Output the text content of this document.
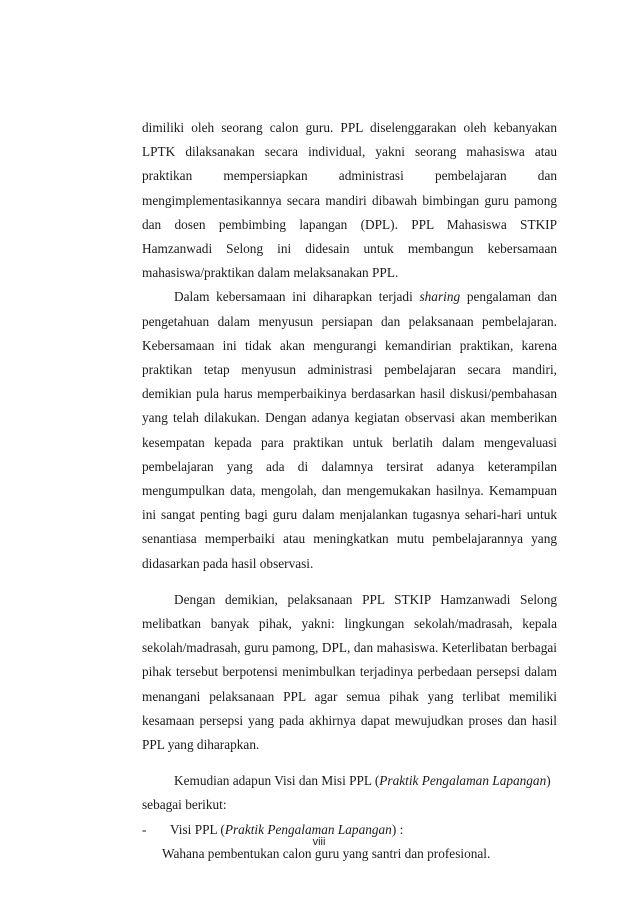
dimiliki oleh seorang calon guru. PPL diselenggarakan oleh kebanyakan
LPTK dilaksanakan secara individual, yakni seorang mahasiswa atau
praktikan mempersiapkan administrasi pembelajaran dan
mengimplementasikannya secara mandiri dibawah bimbingan guru pamong
dan dosen pembimbing lapangan (DPL). PPL Mahasiswa STKIP
Hamzanwadi Selong ini didesain untuk membangun kebersamaan
mahasiswa/praktikan dalam melaksanakan PPL.
Dalam kebersamaan ini diharapkan terjadi sharing pengalaman dan
pengetahuan dalam menyusun persiapan dan pelaksanaan pembelajaran.
Kebersamaan ini tidak akan mengurangi kemandirian praktikan, karena
praktikan tetap menyusun administrasi pembelajaran secara mandiri,
demikian pula harus memperbaikinya berdasarkan hasil diskusi/pembahasan
yang telah dilakukan. Dengan adanya kegiatan observasi akan memberikan
kesempatan kepada para praktikan untuk berlatih dalam mengevaluasi
pembelajaran yang ada di dalamnya tersirat adanya keterampilan
mengumpulkan data, mengolah, dan mengemukakan hasilnya. Kemampuan
ini sangat penting bagi guru dalam menjalankan tugasnya sehari-hari untuk
senantiasa memperbaiki atau meningkatkan mutu pembelajarannya yang
didasarkan pada hasil observasi.
Dengan demikian, pelaksanaan PPL STKIP Hamzanwadi Selong
melibatkan banyak pihak, yakni: lingkungan sekolah/madrasah, kepala
sekolah/madrasah, guru pamong, DPL, dan mahasiswa. Keterlibatan berbagai
pihak tersebut berpotensi menimbulkan terjadinya perbedaan persepsi dalam
menangani pelaksanaan PPL agar semua pihak yang terlibat memiliki
kesamaan persepsi yang pada akhirnya dapat mewujudkan proses dan hasil
PPL yang diharapkan.
Kemudian adapun Visi dan Misi PPL (Praktik Pengalaman Lapangan)
sebagai berikut:
- Visi PPL (Praktik Pengalaman Lapangan) :
Wahana pembentukan calon guru yang santri dan profesional.
viii
